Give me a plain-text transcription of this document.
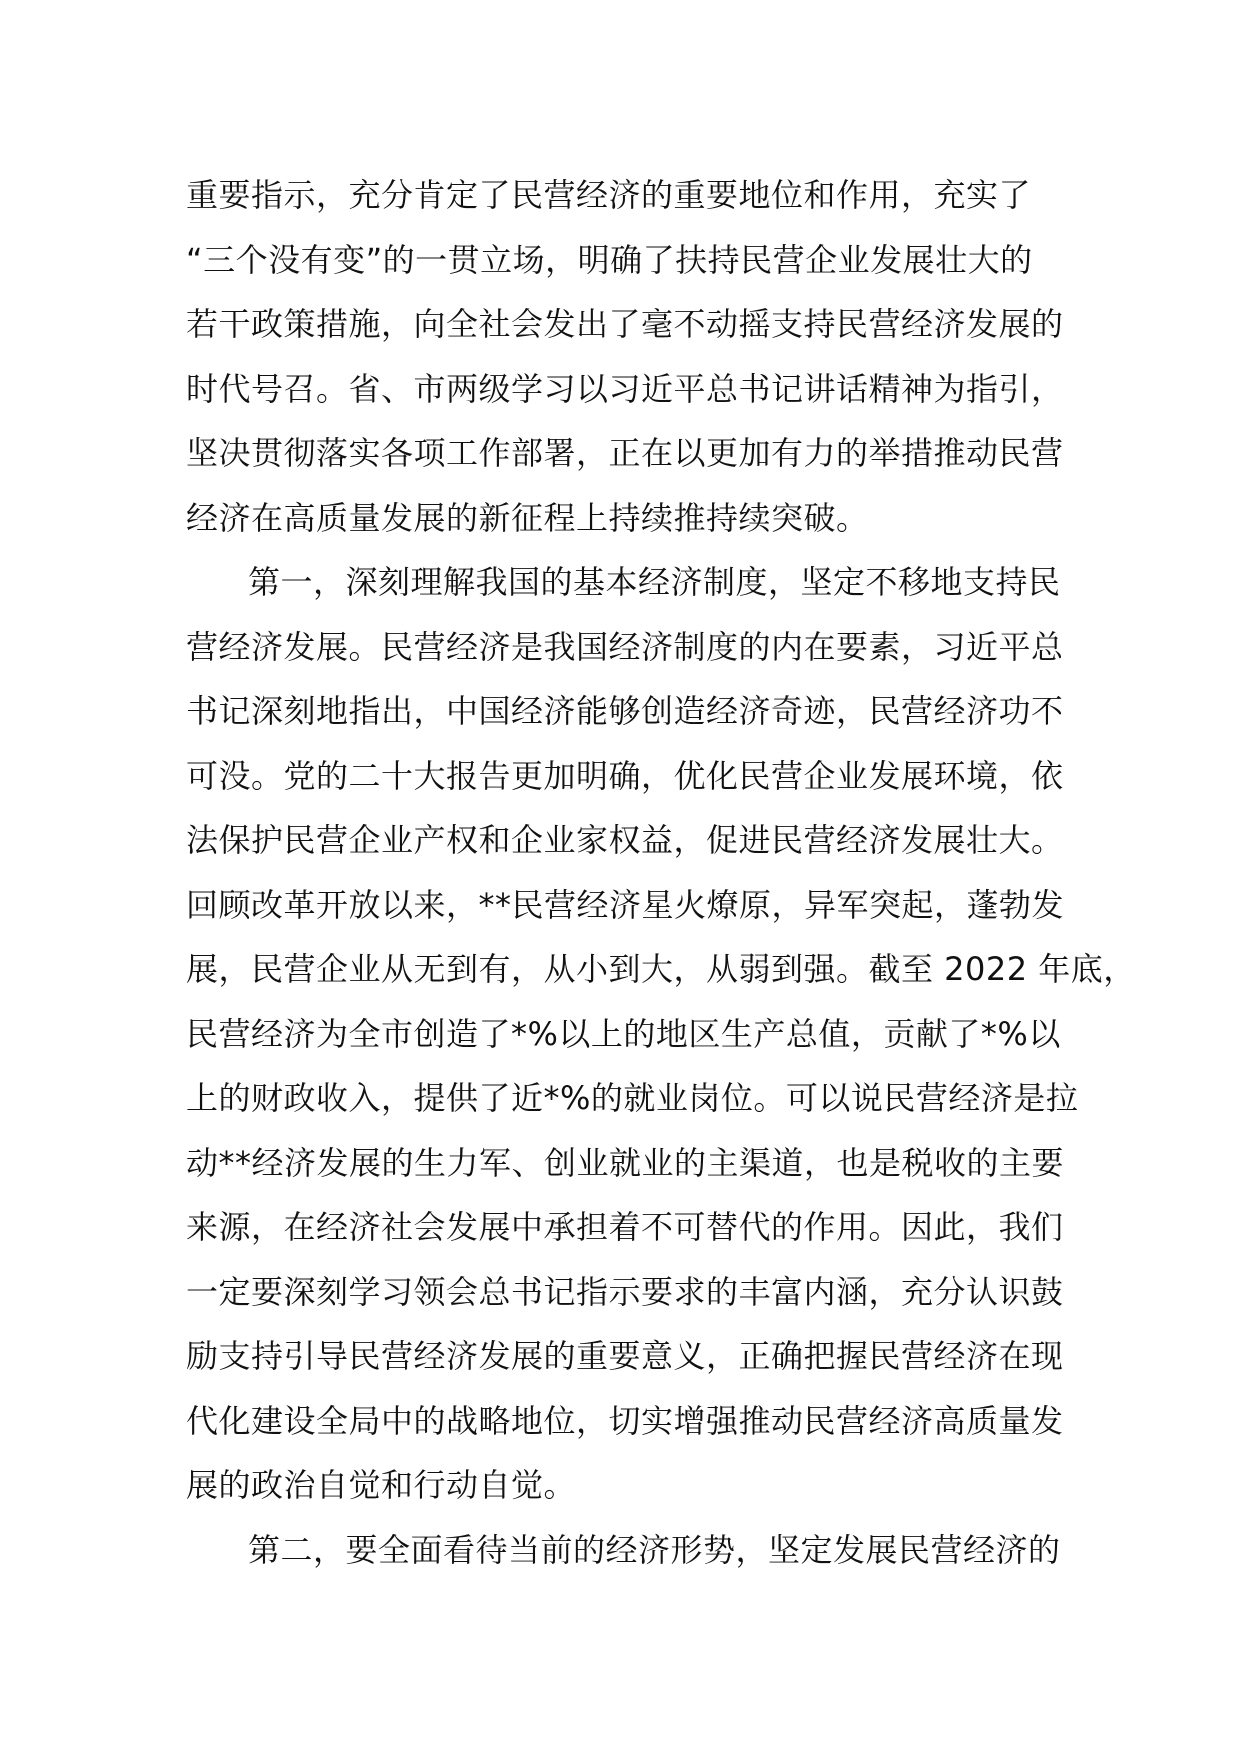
重要指示，充分肯定了民营经济的重要地位和作用，充实了
“三个没有变”的一贯立场，明确了扶持民营企业发展壮大的
若干政策措施，向全社会发出了毫不动摇支持民营经济发展的
时代号召。省、市两级学习以习近平总书记讲话精神为指引，
坚决贯彻落实各项工作部署，正在以更加有力的举措推动民营
经济在高质量发展的新征程上持续推持续突破。
第一，深刻理解我国的基本经济制度，坚定不移地支持民
营经济发展。民营经济是我国经济制度的内在要素，习近平总
书记深刻地指出，中国经济能够创造经济奇迹，民营经济功不
可没。党的二十大报告更加明确，优化民营企业发展环境，依
法保护民营企业产权和企业家权益，促进民营经济发展壮大。
回顾改革开放以来，**民营经济星火燎原，异军突起，蓬勃发
展，民营企业从无到有，从小到大，从弱到强。截至 2022 年底，
民营经济为全市创造了*%以上的地区生产总值，贡献了*%以
上的财政收入，提供了近*%的就业岗位。可以说民营经济是拉
动**经济发展的生力军、创业就业的主渠道，也是税收的主要
来源，在经济社会发展中承担着不可替代的作用。因此，我们
一定要深刻学习领会总书记指示要求的丰富内涵，充分认识鼓
励支持引导民营经济发展的重要意义，正确把握民营经济在现
代化建设全局中的战略地位，切实增强推动民营经济高质量发
展的政治自觉和行动自觉。
第二，要全面看待当前的经济形势，坚定发展民营经济的
